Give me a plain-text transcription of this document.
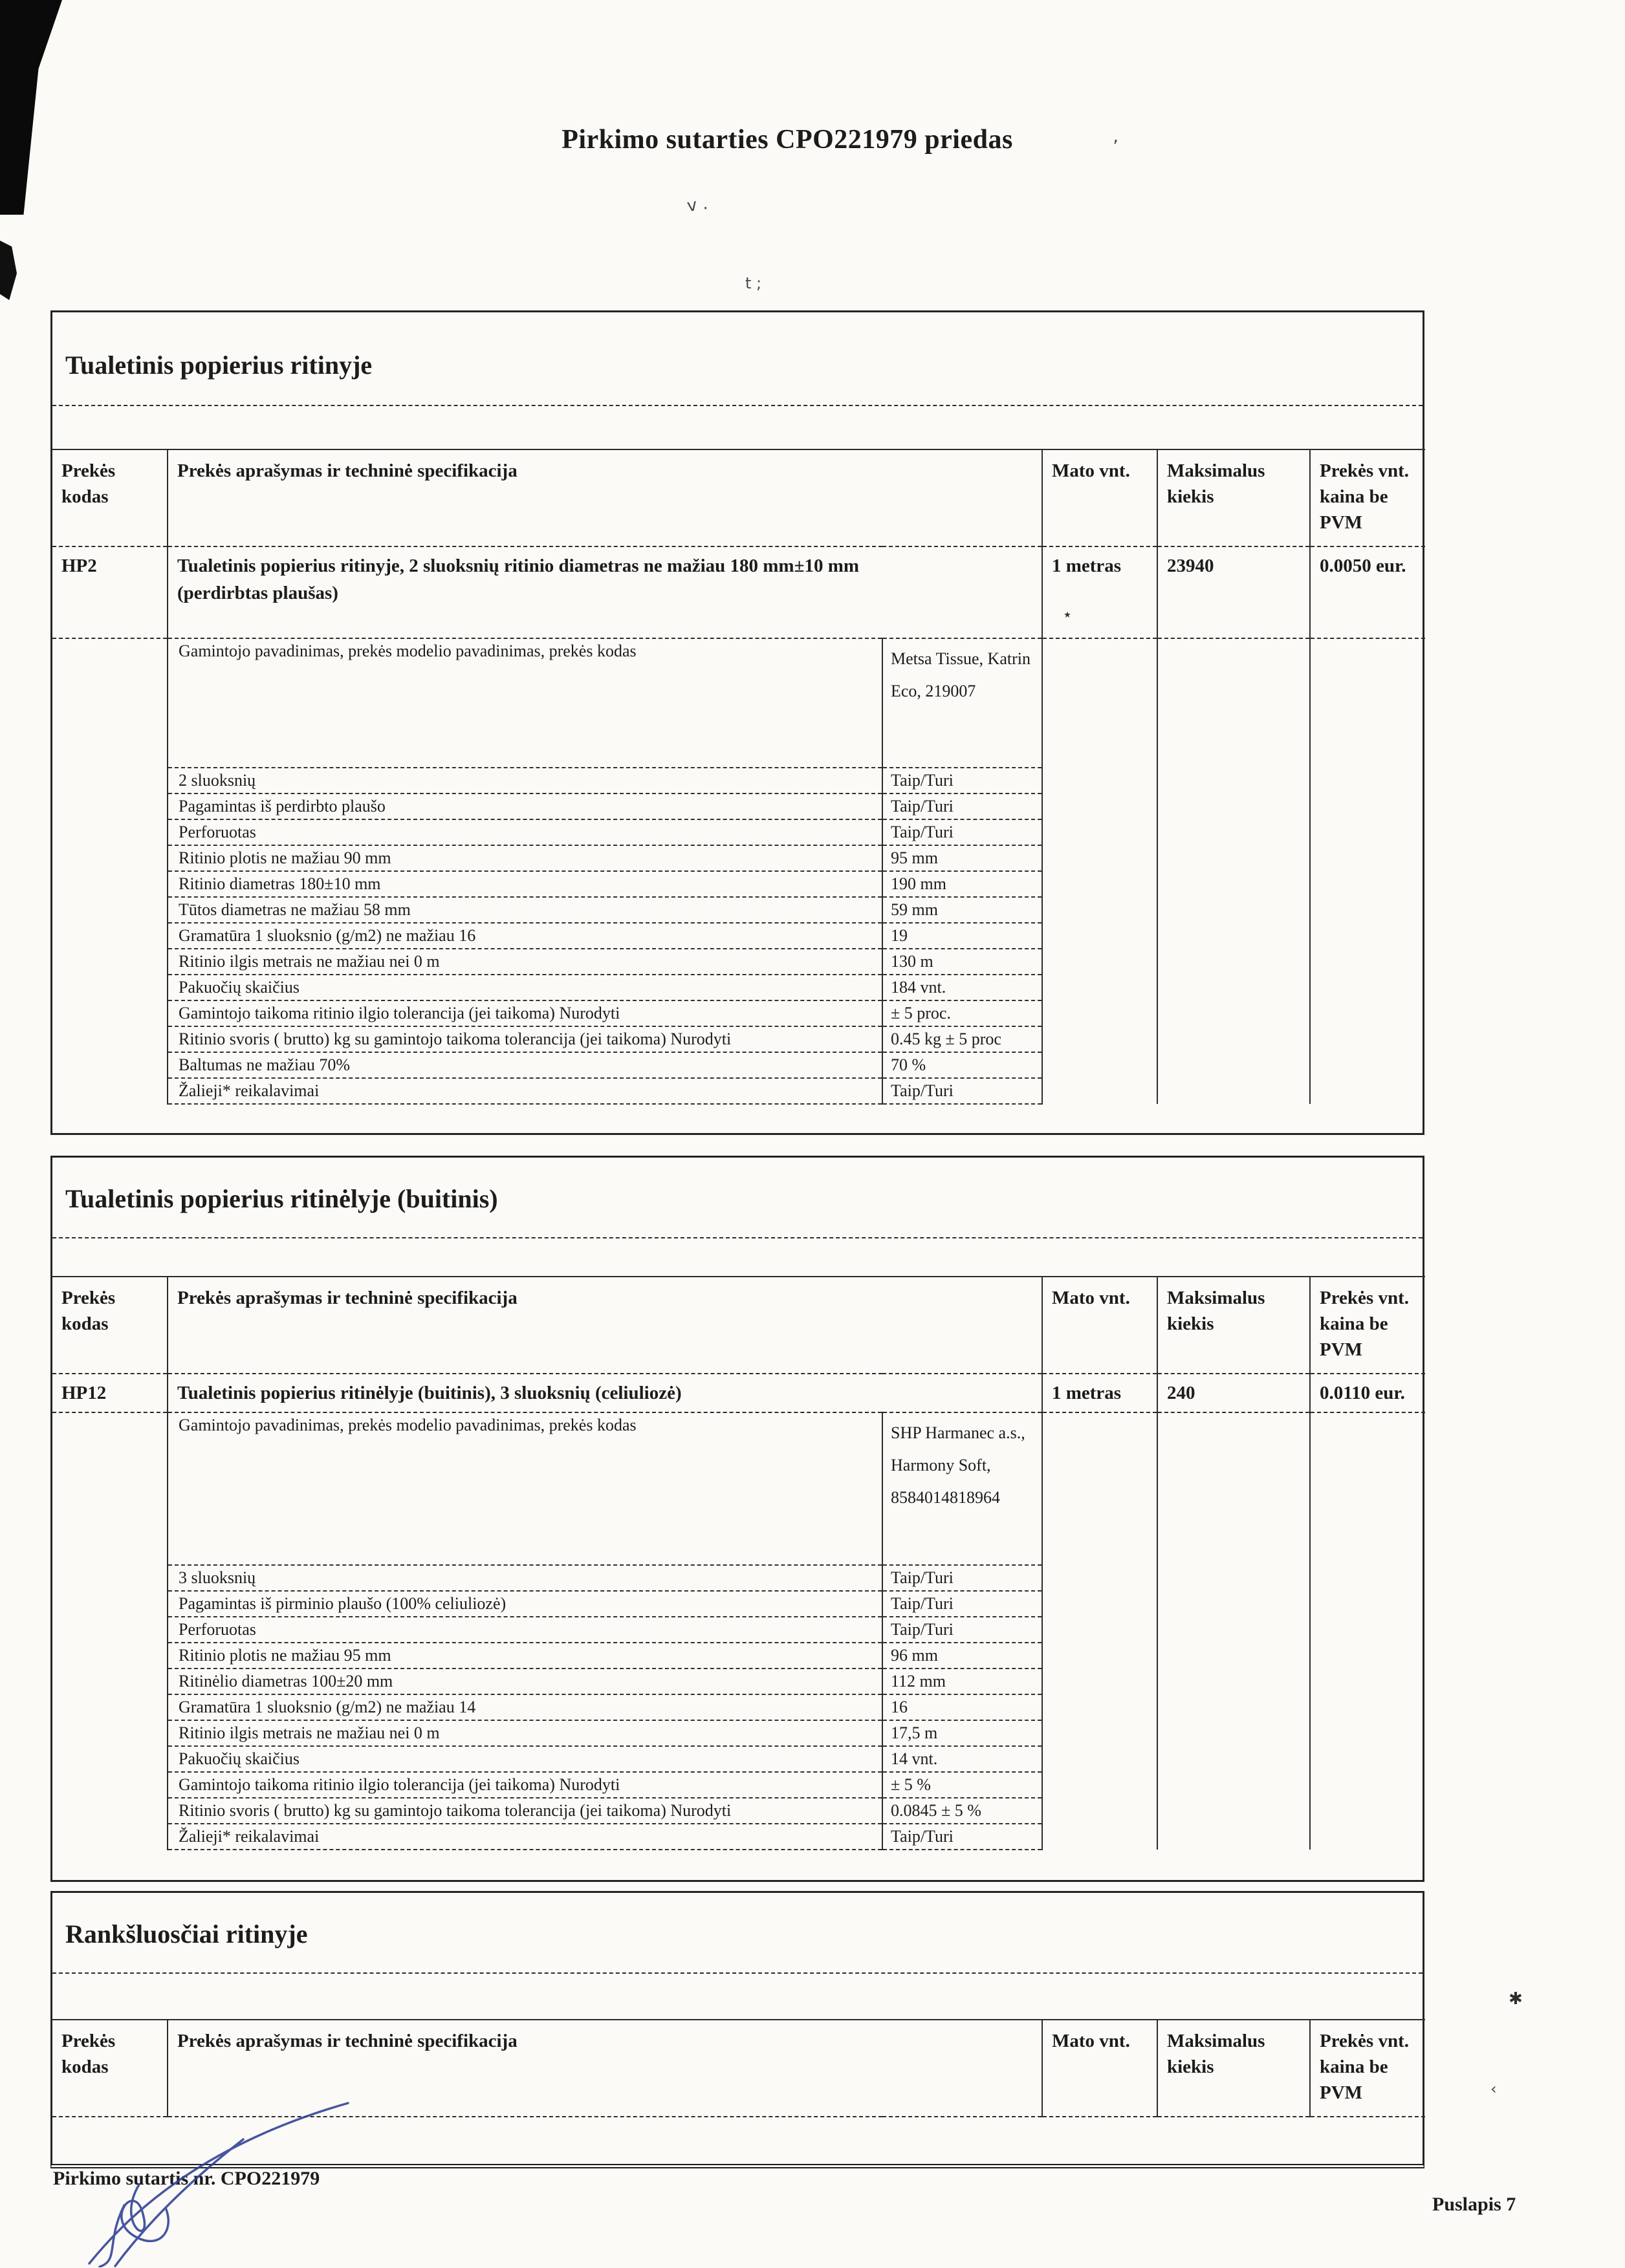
v .
t ;
’
٭
✱
‹
Pirkimo sutarties CPO221979 priedas
Tualetinis popierius ritinyje
Prekės kodas	Prekės aprašymas ir techninė specifikacija		Mato vnt.	Maksimalus kiekis	Prekės vnt. kaina be PVM
HP2	Tualetinis popierius ritinyje, 2 sluoksnių ritinio diametras ne mažiau 180 mm±10 mm
(perdirbtas plaušas)		1 metras	23940	0.0050 eur.
	Gamintojo pavadinimas, prekės modelio pavadinimas, prekės kodas	Metsa Tissue, Katrin Eco, 219007			
	2 sluoksnių	Taip/Turi			
	Pagamintas iš perdirbto plaušo	Taip/Turi			
	Perforuotas	Taip/Turi			
	Ritinio plotis ne mažiau 90 mm	95 mm			
	Ritinio diametras 180±10 mm	190 mm			
	Tūtos diametras ne mažiau 58 mm	59 mm			
	Gramatūra 1 sluoksnio (g/m2) ne mažiau 16	19			
	Ritinio ilgis metrais ne mažiau nei 0 m	130 m			
	Pakuočių skaičius	184 vnt.			
	Gamintojo taikoma ritinio ilgio tolerancija (jei taikoma) Nurodyti	± 5 proc.			
	Ritinio svoris ( brutto) kg su gamintojo taikoma tolerancija (jei taikoma) Nurodyti	0.45 kg ± 5 proc			
	Baltumas ne mažiau 70%	70 %			
	Žalieji* reikalavimai	Taip/Turi			
Tualetinis popierius ritinėlyje (buitinis)
Prekės kodas	Prekės aprašymas ir techninė specifikacija		Mato vnt.	Maksimalus kiekis	Prekės vnt. kaina be PVM
HP12	Tualetinis popierius ritinėlyje (buitinis), 3 sluoksnių (celiuliozė)		1 metras	240	0.0110 eur.
	Gamintojo pavadinimas, prekės modelio pavadinimas, prekės kodas	SHP Harmanec a.s., Harmony Soft, 8584014818964			
	3 sluoksnių	Taip/Turi			
	Pagamintas iš pirminio plaušo (100% celiuliozė)	Taip/Turi			
	Perforuotas	Taip/Turi			
	Ritinio plotis ne mažiau 95 mm	96 mm			
	Ritinėlio diametras 100±20 mm	112 mm			
	Gramatūra 1 sluoksnio (g/m2) ne mažiau 14	16			
	Ritinio ilgis metrais ne mažiau nei 0 m	17,5 m			
	Pakuočių skaičius	14 vnt.			
	Gamintojo taikoma ritinio ilgio tolerancija (jei taikoma) Nurodyti	± 5 %			
	Ritinio svoris ( brutto) kg su gamintojo taikoma tolerancija (jei taikoma) Nurodyti	0.0845 ± 5 %			
	Žalieji* reikalavimai	Taip/Turi			
Rankšluosčiai ritinyje
Prekės kodas	Prekės aprašymas ir techninė specifikacija	Mato vnt.	Maksimalus kiekis	Prekės vnt. kaina be PVM
Pirkimo sutartis nr. CPO221979
Puslapis 7
